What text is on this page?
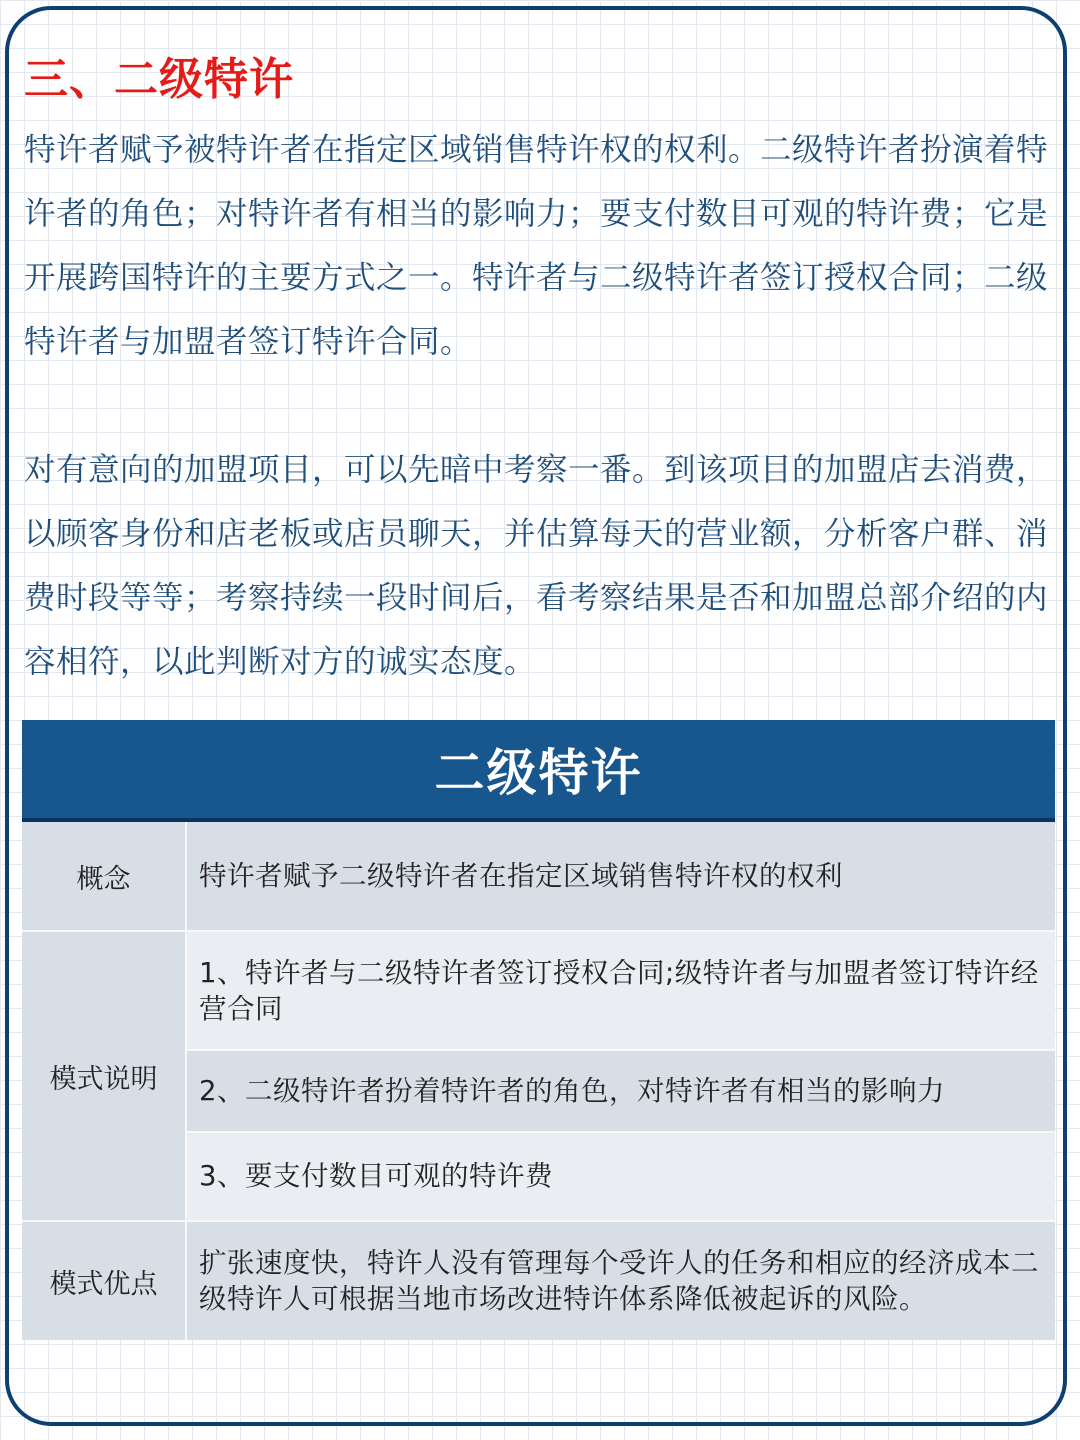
三、二级特许

特许者赋予被特许者在指定区域销售特许权的权利。二级特许者扮演着特许者的角色；对特许者有相当的影响力；要支付数目可观的特许费；它是开展跨国特许的主要方式之一。特许者与二级特许者签订授权合同；二级特许者与加盟者签订特许合同。

对有意向的加盟项目，可以先暗中考察一番。到该项目的加盟店去消费，以顾客身份和店老板或店员聊天，并估算每天的营业额，分析客户群、消费时段等等；考察持续一段时间后，看考察结果是否和加盟总部介绍的内容相符，以此判断对方的诚实态度。

二级特许
概念	特许者赋予二级特许者在指定区域销售特许权的权利
模式说明
1、特许者与二级特许者签订授权合同;级特许者与加盟者签订特许经营合同
2、二级特许者扮着特许者的角色，对特许者有相当的影响力
3、要支付数目可观的特许费
模式优点
扩张速度快，特许人没有管理每个受许人的任务和相应的经济成本二级特许人可根据当地市场改进特许体系降低被起诉的风险。
